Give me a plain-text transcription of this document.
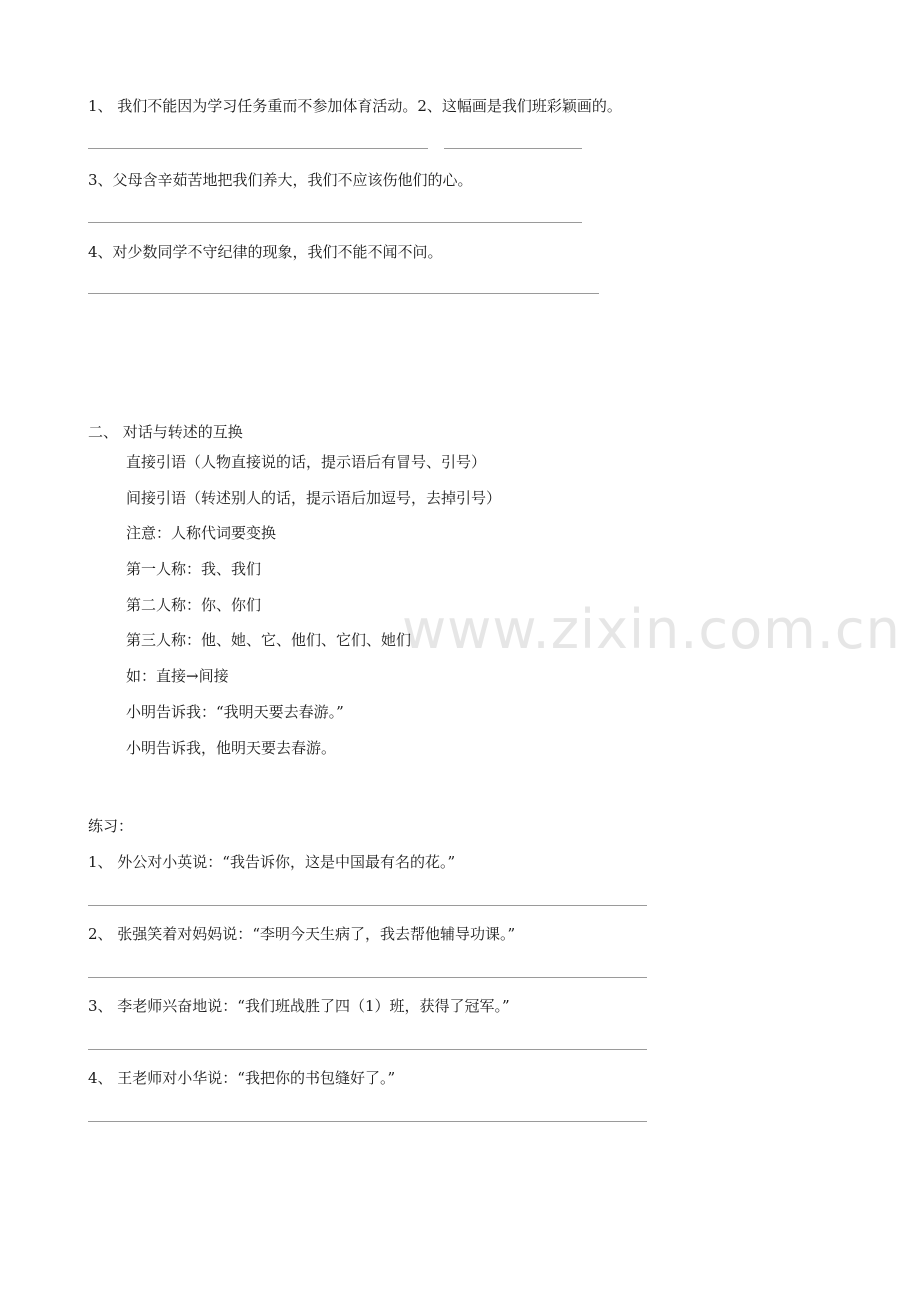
www.zixin.com.cn
1、 我们不能因为学习任务重而不参加体育活动。2、这幅画是我们班彩颖画的。
3、父母含辛茹苦地把我们养大，我们不应该伤他们的心。
4、对少数同学不守纪律的现象，我们不能不闻不问。
二、 对话与转述的互换
直接引语（人物直接说的话，提示语后有冒号、引号）
间接引语（转述别人的话，提示语后加逗号，去掉引号）
注意：人称代词要变换
第一人称：我、我们
第二人称：你、你们
第三人称：他、她、它、他们、它们、她们
如：直接→间接
小明告诉我：“我明天要去春游。”
小明告诉我，他明天要去春游。
练习：
1、 外公对小英说：“我告诉你，这是中国最有名的花。”
2、 张强笑着对妈妈说：“李明今天生病了，我去帮他辅导功课。”
3、 李老师兴奋地说：“我们班战胜了四（1）班，获得了冠军。”
4、 王老师对小华说：“我把你的书包缝好了。”
